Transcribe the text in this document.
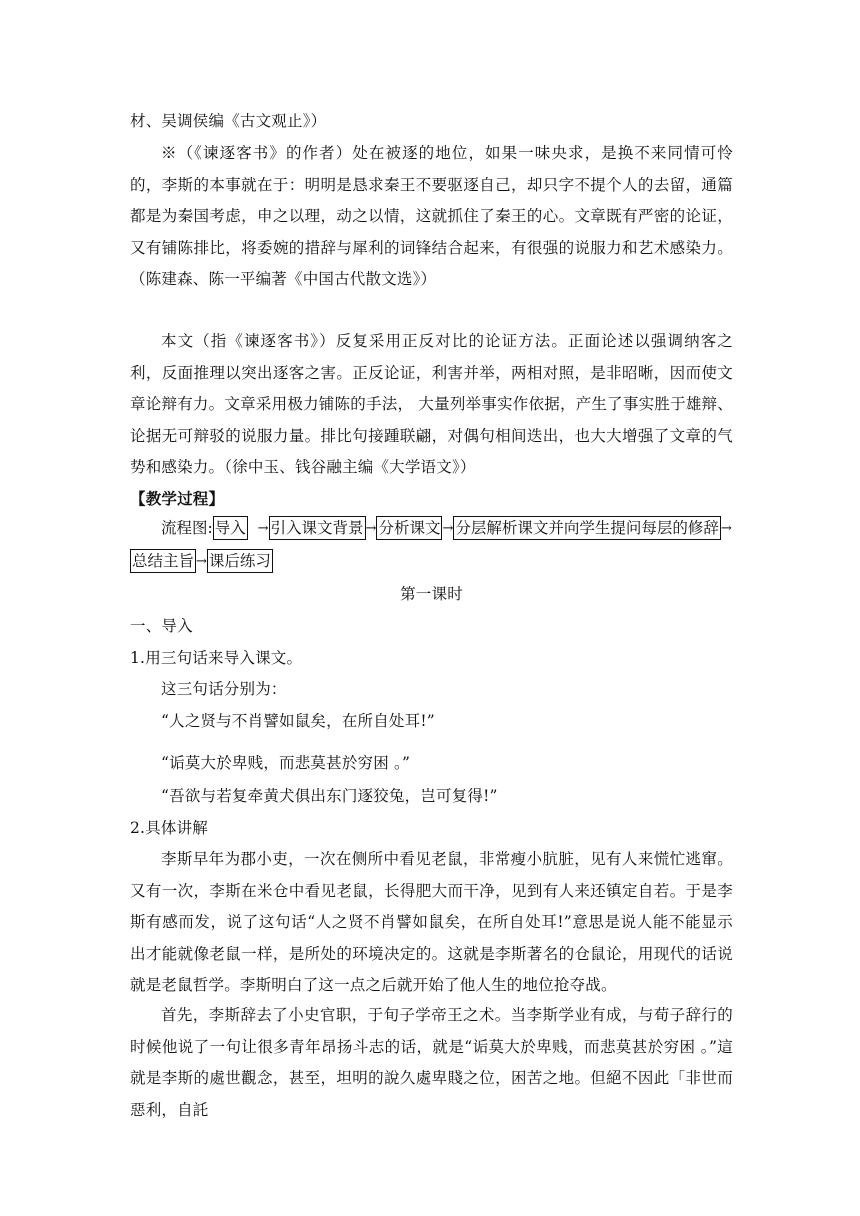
材、吴调侯编《古文观止》）
※（《谏逐客书》的作者）处在被逐的地位，如果一味央求，是换不来同情可怜的，李斯的本事就在于：明明是恳求秦王不要驱逐自己，却只字不提个人的去留，通篇都是为秦国考虑，申之以理，动之以情，这就抓住了秦王的心。文章既有严密的论证，又有铺陈排比，将委婉的措辞与犀利的词锋结合起来，有很强的说服力和艺术感染力。（陈建森、陈一平编著《中国古代散文选》）
本文（指《谏逐客书》）反复采用正反对比的论证方法。正面论述以强调纳客之利，反面推理以突出逐客之害。正反论证，利害并举，两相对照，是非昭晰，因而使文章论辩有力。文章采用极力铺陈的手法， 大量列举事实作依据，产生了事实胜于雄辩、论据无可辩驳的说服力量。排比句接踵联翩，对偶句相间迭出，也大大增强了文章的气势和感染力。（徐中玉、钱谷融主编《大学语文》）
【教学过程】
流程图: 导入 → 引入课文背景 → 分析课文 → 分层解析课文并向学生提问每层的修辞 →
总结主旨 → 课后练习
第一课时
一、导入
1.用三句话来导入课文。
这三句话分别为：
“人之贤与不肖譬如鼠矣，在所自处耳!”
“诟莫大於卑贱，而悲莫甚於穷困 。”
“吾欲与若复牵黄犬俱出东门逐狡兔，岂可复得!”
2.具体讲解
李斯早年为郡小吏，一次在侧所中看见老鼠，非常瘦小肮脏，见有人来慌忙逃窜。又有一次，李斯在米仓中看见老鼠，长得肥大而干净，见到有人来还镇定自若。于是李斯有感而发，说了这句话“人之贤不肖譬如鼠矣，在所自处耳!”意思是说人能不能显示出才能就像老鼠一样，是所处的环境决定的。这就是李斯著名的仓鼠论，用现代的话说就是老鼠哲学。李斯明白了这一点之后就开始了他人生的地位抢夺战。
首先，李斯辞去了小史官职，于旬子学帝王之术。当李斯学业有成，与荀子辞行的时候他说了一句让很多青年昂扬斗志的话，就是“诟莫大於卑贱，而悲莫甚於穷困 。”這就是李斯的處世觀念，甚至，坦明的說久處卑賤之位，困苦之地。但絕不因此「非世而惡利，自託
